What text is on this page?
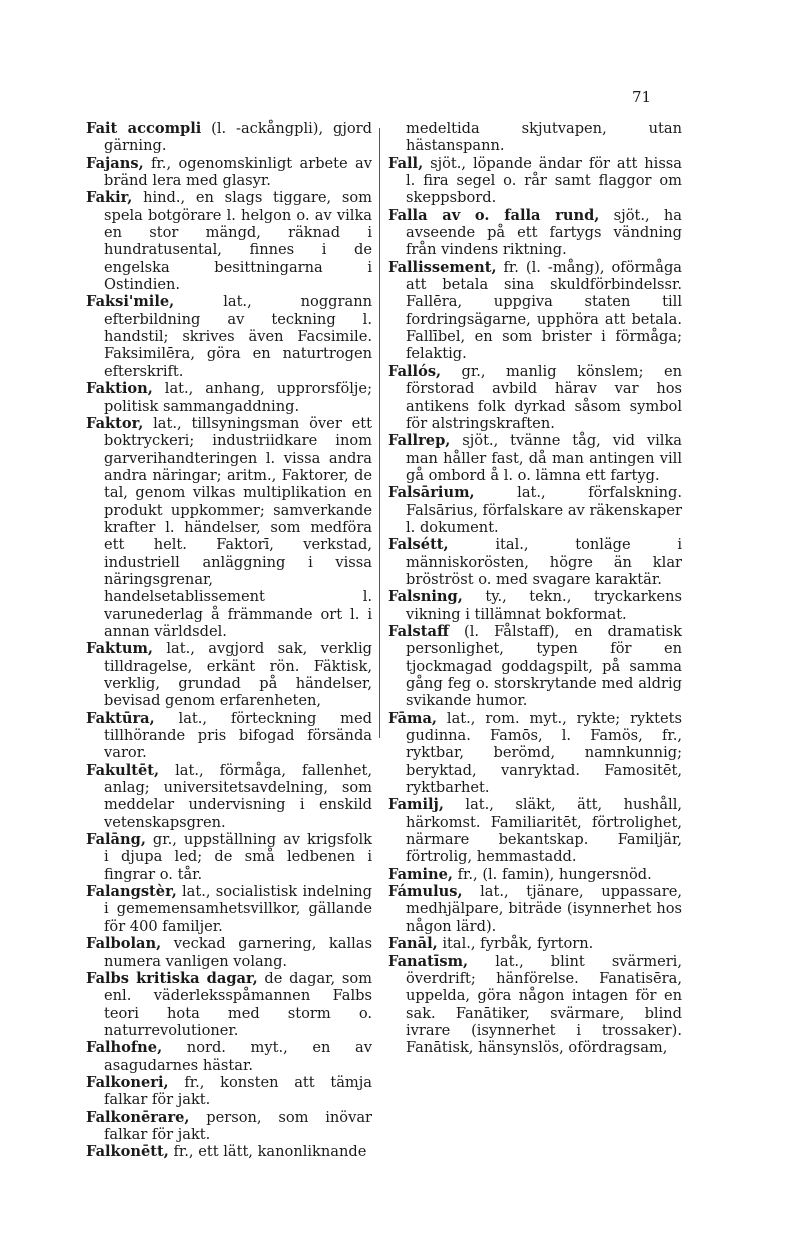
71

Fait accompli (l. -ackångpli), gjord gärning.

Fajans, fr., ogenomskinligt arbete av bränd lera med glasyr.

Fakir, hind., en slags tiggare, som spela botgörare l. helgon o. av vilka en stor mängd, räknad i hundratusental, finnes i de engelska besittningarna i Ostindien.

Faksi'mile, lat., noggrann efterbildning av teckning l. handstil; skrives även Facsimile. Faksimilēra, göra en naturtrogen efterskrift.

Faktion, lat., anhang, upprorsfölje; politisk sammangaddning.

Faktor, lat., tillsyningsman över ett boktryckeri; industriidkare inom garverihandteringen l. vissa andra andra näringar; aritm., Faktorer, de tal, genom vilkas multiplikation en produkt uppkommer; samverkande krafter l. händelser, som medföra ett helt. Faktorī, verkstad, industriell anläggning i vissa näringsgrenar, handelsetablissement l. varunederlag å främmande ort l. i annan världsdel.

Faktum, lat., avgjord sak, verklig tilldragelse, erkänt rön. Fäktisk, verklig, grundad på händelser, bevisad genom erfarenheten,

Faktūra, lat., förteckning med tillhörande pris bifogad försända varor.

Fakultēt, lat., förmåga, fallenhet, anlag; universitetsavdelning, som meddelar undervisning i enskild vetenskapsgren.

Falāng, gr., uppställning av krigsfolk i djupa led; de små ledbenen i fingrar o. tår.

Falangstèr, lat., socialistisk indelning i gememensamhetsvillkor, gällande för 400 familjer.

Falbolan, veckad garnering, kallas numera vanligen volang.

Falbs kritiska dagar, de dagar, som enl. väderleksspåmannen Falbs teori hota med storm o. naturrevolutioner.

Falhofne, nord. myt., en av asagudarnes hästar.

Falkoneri, fr., konsten att tämja falkar för jakt.

Falkonērare, person, som inövar falkar för jakt.

Falkonētt, fr., ett lätt, kanonliknande

medeltida skjutvapen, utan hästanspann.

Fall, sjöt., löpande ändar för att hissa l. fira segel o. rår samt flaggor om skeppsbord.

Falla av o. falla rund, sjöt., ha avseende på ett fartygs vändning från vindens riktning.

Fallissement, fr. (l. -mång), oförmåga att betala sina skuldförbindelssr. Fallēra, uppgiva staten till fordringsägarne, upphöra att betala. Fallībel, en som brister i förmåga; felaktig.

Fallós, gr., manlig könslem; en förstorad avbild härav var hos antikens folk dyrkad såsom symbol för alstringskraften.

Fallrep, sjöt., tvänne tåg, vid vilka man håller fast, då man antingen vill gå ombord å l. o. lämna ett fartyg.

Falsārium, lat., förfalskning. Falsārius, förfalskare av räkenskaper l. dokument.

Falsétt, ital., tonläge i människorösten, högre än klar bröströst o. med svagare karaktär.

Falsning, ty., tekn., tryckarkens vikning i tillämnat bokformat.

Falstaff (l. Fålstaff), en dramatisk personlighet, typen för en tjockmagad goddagspilt, på samma gång feg o. storskrytande med aldrig svikande humor.

Fāma, lat., rom. myt., rykte; ryktets gudinna. Famōs, l. Famös, fr., ryktbar, berömd, namnkunnig; beryktad, vanryktad. Famositēt, ryktbarhet.

Familj, lat., släkt, ätt, hushåll, härkomst. Familiaritēt, förtrolighet, närmare bekantskap. Familjär, förtrolig, hemmastadd.

Famine, fr., (l. famin), hungersnöd.

Fámulus, lat., tjänare, uppassare, medhjälpare, biträde (isynnerhet hos någon lärd).

Fanāl, ital., fyrbåk, fyrtorn.

Fanatīsm, lat., blint svärmeri, överdrift; hänförelse. Fanatisēra, uppelda, göra någon intagen för en sak. Fanātiker, svärmare, blind ivrare (isynnerhet i trossaker). Fanātisk, hänsynslös, ofördragsam,
